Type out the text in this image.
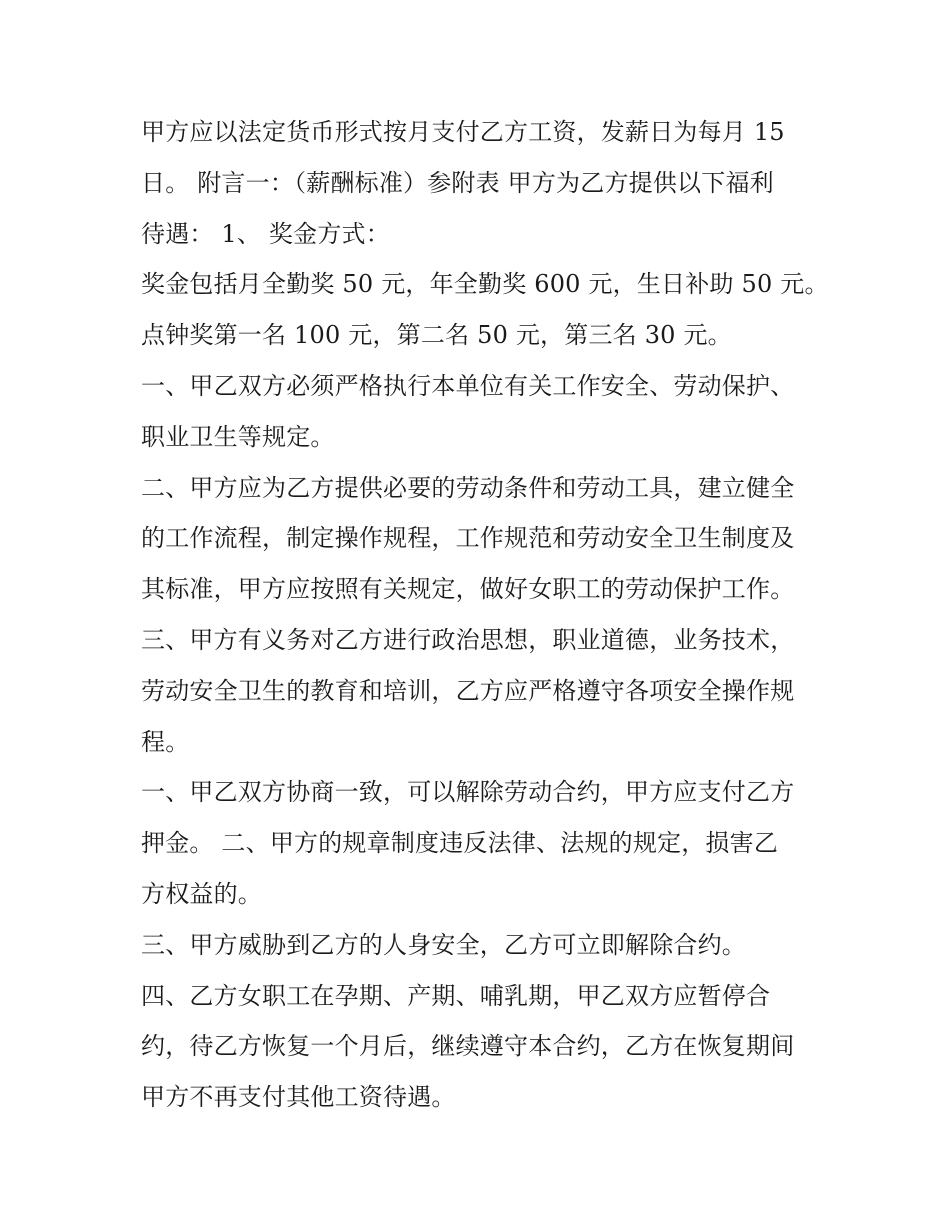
甲方应以法定货币形式按月支付乙方工资，发薪日为每月 15
日。 附言一：（薪酬标准）参附表 甲方为乙方提供以下福利
待遇： 1、 奖金方式：
奖金包括月全勤奖 50 元，年全勤奖 600 元，生日补助 50 元。
点钟奖第一名 100 元，第二名 50 元，第三名 30 元。
一、甲乙双方必须严格执行本单位有关工作安全、劳动保护、
职业卫生等规定。
二、甲方应为乙方提供必要的劳动条件和劳动工具，建立健全
的工作流程，制定操作规程，工作规范和劳动安全卫生制度及
其标准，甲方应按照有关规定，做好女职工的劳动保护工作。
三、甲方有义务对乙方进行政治思想，职业道德，业务技术，
劳动安全卫生的教育和培训，乙方应严格遵守各项安全操作规
程。
一、甲乙双方协商一致，可以解除劳动合约，甲方应支付乙方
押金。 二、甲方的规章制度违反法律、法规的规定，损害乙
方权益的。
三、甲方威胁到乙方的人身安全，乙方可立即解除合约。
四、乙方女职工在孕期、产期、哺乳期，甲乙双方应暂停合
约，待乙方恢复一个月后，继续遵守本合约，乙方在恢复期间
甲方不再支付其他工资待遇。
